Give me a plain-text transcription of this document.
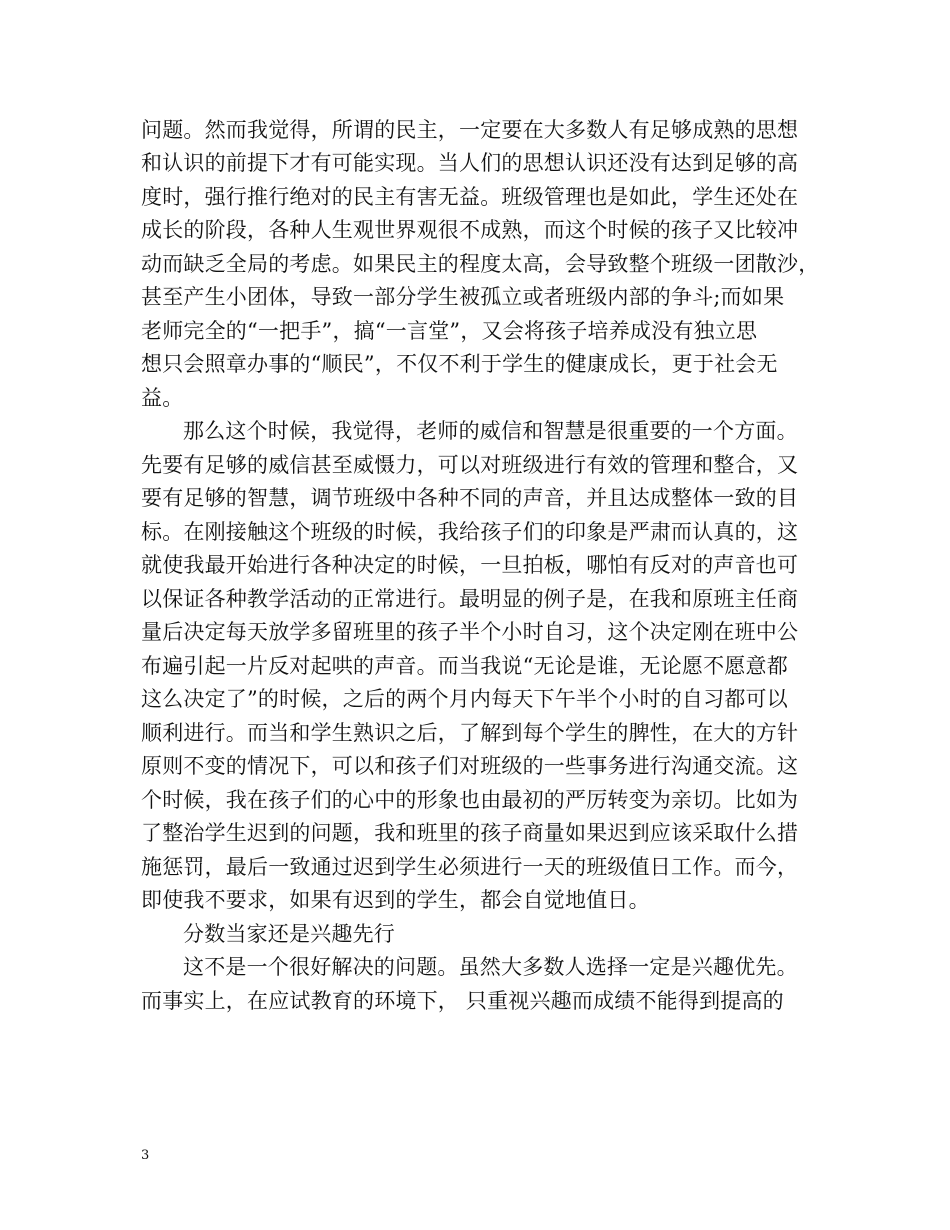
问题。然而我觉得，所谓的民主，一定要在大多数人有足够成熟的思想
和认识的前提下才有可能实现。当人们的思想认识还没有达到足够的高
度时，强行推行绝对的民主有害无益。班级管理也是如此，学生还处在
成长的阶段，各种人生观世界观很不成熟，而这个时候的孩子又比较冲
动而缺乏全局的考虑。如果民主的程度太高，会导致整个班级一团散沙，
甚至产生小团体，导致一部分学生被孤立或者班级内部的争斗;而如果
老师完全的“一把手”，搞“一言堂”，又会将孩子培养成没有独立思
想只会照章办事的“顺民”，不仅不利于学生的健康成长，更于社会无
益。
那么这个时候，我觉得，老师的威信和智慧是很重要的一个方面。
先要有足够的威信甚至威慑力，可以对班级进行有效的管理和整合，又
要有足够的智慧，调节班级中各种不同的声音，并且达成整体一致的目
标。在刚接触这个班级的时候，我给孩子们的印象是严肃而认真的，这
就使我最开始进行各种决定的时候，一旦拍板，哪怕有反对的声音也可
以保证各种教学活动的正常进行。最明显的例子是，在我和原班主任商
量后决定每天放学多留班里的孩子半个小时自习，这个决定刚在班中公
布遍引起一片反对起哄的声音。而当我说“无论是谁，无论愿不愿意都
这么决定了”的时候，之后的两个月内每天下午半个小时的自习都可以
顺利进行。而当和学生熟识之后，了解到每个学生的脾性，在大的方针
原则不变的情况下，可以和孩子们对班级的一些事务进行沟通交流。这
个时候，我在孩子们的心中的形象也由最初的严厉转变为亲切。比如为
了整治学生迟到的问题，我和班里的孩子商量如果迟到应该采取什么措
施惩罚，最后一致通过迟到学生必须进行一天的班级值日工作。而今，
即使我不要求，如果有迟到的学生，都会自觉地值日。
分数当家还是兴趣先行
这不是一个很好解决的问题。虽然大多数人选择一定是兴趣优先。
而事实上，在应试教育的环境下， 只重视兴趣而成绩不能得到提高的
3
